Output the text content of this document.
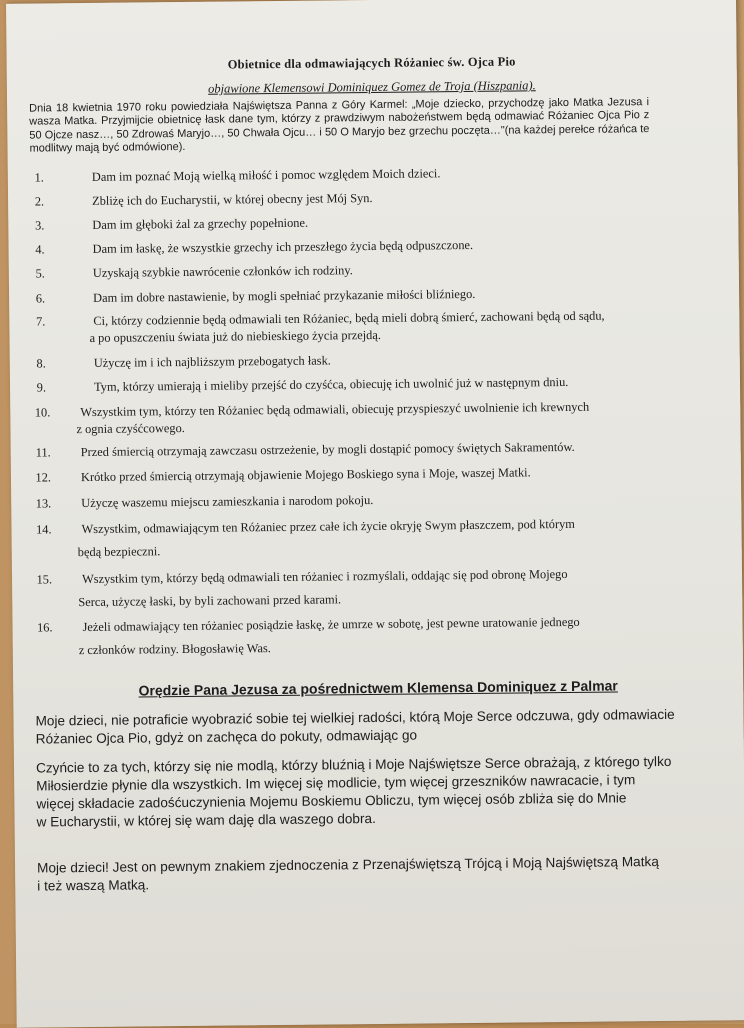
Obietnice dla odmawiających Różaniec św. Ojca Pio
objawione Klemensowi Dominiquez Gomez de Troja (Hiszpania).
Dnia 18 kwietnia 1970 roku powiedziała Najświętsza Panna z Góry Karmel: „Moje dziecko, przychodzę jako Matka Jezusa i wasza Matka. Przyjmijcie obietnicę łask dane tym, którzy z prawdziwym nabożeństwem będą odmawiać Różaniec Ojca Pio z 50 Ojcze nasz…, 50 Zdrowaś Maryjo…, 50 Chwała Ojcu… i 50 O Maryjo bez grzechu poczęta…"(na każdej perełce różańca te modlitwy mają być odmówione).
1.	Dam im poznać Moją wielką miłość i pomoc względem Moich dzieci.
2.	Zbliżę ich do Eucharystii, w której obecny jest Mój Syn.
3.	Dam im głęboki żal za grzechy popełnione.
4.	Dam im łaskę, że wszystkie grzechy ich przeszłego życia będą odpuszczone.
5.	Uzyskają szybkie nawrócenie członków ich rodziny.
6.	Dam im dobre nastawienie, by mogli spełniać przykazanie miłości bliźniego.
7.	Ci, którzy codziennie będą odmawiali ten Różaniec, będą mieli dobrą śmierć, zachowani będą od sądu,
a po opuszczeniu świata już do niebieskiego życia przejdą.
8.	Użyczę im i ich najbliższym przebogatych łask.
9.	Tym, którzy umierają i mieliby przejść do czyśćca, obiecuję ich uwolnić już w następnym dniu.
10. Wszystkim tym, którzy ten Różaniec będą odmawiali, obiecuję przyspieszyć uwolnienie ich krewnych
z ognia czyśćcowego.
11. Przed śmiercią otrzymają zawczasu ostrzeżenie, by mogli dostąpić pomocy świętych Sakramentów.
12. Krótko przed śmiercią otrzymają objawienie Mojego Boskiego syna i Moje, waszej Matki.
13. Użyczę waszemu miejscu zamieszkania i narodom pokoju.
14. Wszystkim, odmawiającym ten Różaniec przez całe ich życie okryję Swym płaszczem, pod którym
będą bezpieczni.
15. Wszystkim tym, którzy będą odmawiali ten różaniec i rozmyślali, oddając się pod obronę Mojego
Serca, użyczę łaski, by byli zachowani przed karami.
16. Jeżeli odmawiający ten różaniec posiądzie łaskę, że umrze w sobotę, jest pewne uratowanie jednego
z członków rodziny. Błogosławię Was.
Orędzie Pana Jezusa za pośrednictwem Klemensa Dominiquez z Palmar
Moje dzieci, nie potraficie wyobrazić sobie tej wielkiej radości, którą Moje Serce odczuwa, gdy odmawiacie
Różaniec Ojca Pio, gdyż on zachęca do pokuty, odmawiając go
Czyńcie to za tych, którzy się nie modlą, którzy bluźnią i Moje Najświętsze Serce obrażają, z którego tylko
Miłosierdzie płynie dla wszystkich. Im więcej się modlicie, tym więcej grzeszników nawracacie, i tym
więcej składacie zadośćuczynienia Mojemu Boskiemu Obliczu, tym więcej osób zbliża się do Mnie
w Eucharystii, w której się wam daję dla waszego dobra.
Moje dzieci! Jest on pewnym znakiem zjednoczenia z Przenajświętszą Trójcą i Moją Najświętszą Matką
i też waszą Matką.
